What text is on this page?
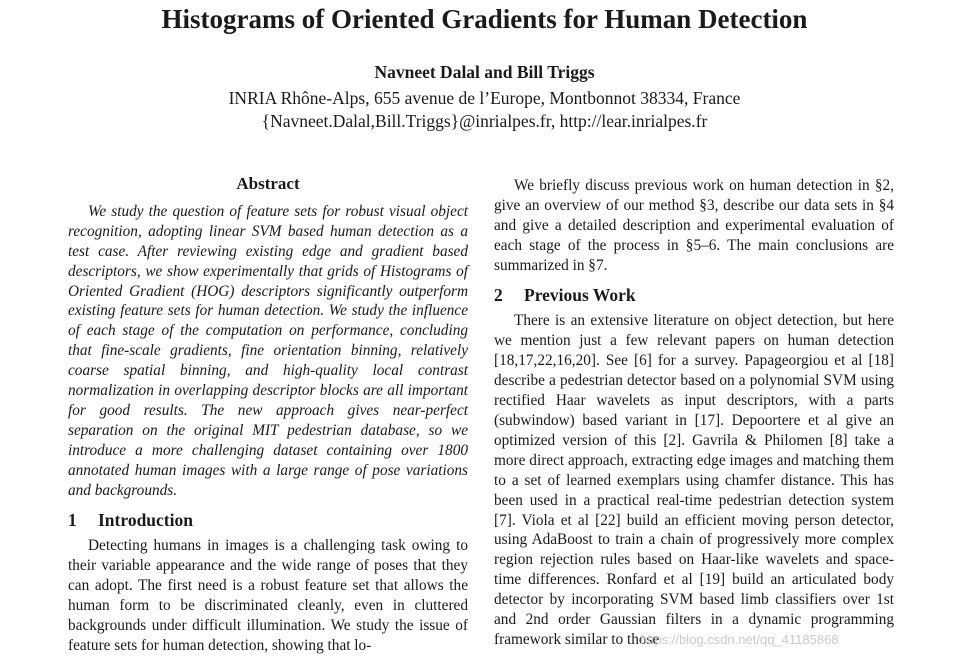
Histograms of Oriented Gradients for Human Detection
Navneet Dalal and Bill Triggs
INRIA Rhône-Alps, 655 avenue de l’Europe, Montbonnot 38334, France
{Navneet.Dalal,Bill.Triggs}@inrialpes.fr, http://lear.inrialpes.fr
Abstract

We study the question of feature sets for robust visual object recognition, adopting linear SVM based human detection as a test case. After reviewing existing edge and gradient based descriptors, we show experimentally that grids of Histograms of Oriented Gradient (HOG) descriptors significantly outperform existing feature sets for human detection. We study the influence of each stage of the computation on performance, concluding that fine-scale gradients, fine orientation binning, relatively coarse spatial binning, and high-quality local contrast normalization in overlapping descriptor blocks are all important for good results. The new approach gives near-perfect separation on the original MIT pedestrian database, so we introduce a more challenging dataset containing over 1800 annotated human images with a large range of pose variations and backgrounds.

1 Introduction

Detecting humans in images is a challenging task owing to their variable appearance and the wide range of poses that they can adopt. The first need is a robust feature set that allows the human form to be discriminated cleanly, even in cluttered backgrounds under difficult illumination. We study the issue of feature sets for human detection, showing that lo-

We briefly discuss previous work on human detection in §2, give an overview of our method §3, describe our data sets in §4 and give a detailed description and experimental evaluation of each stage of the process in §5–6. The main conclusions are summarized in §7.

2 Previous Work

There is an extensive literature on object detection, but here we mention just a few relevant papers on human detection [18,17,22,16,20]. See [6] for a survey. Papageorgiou et al [18] describe a pedestrian detector based on a polynomial SVM using rectified Haar wavelets as input descriptors, with a parts (subwindow) based variant in [17]. Depoortere et al give an optimized version of this [2]. Gavrila & Philomen [8] take a more direct approach, extracting edge images and matching them to a set of learned exemplars using chamfer distance. This has been used in a practical real-time pedestrian detection system [7]. Viola et al [22] build an efficient moving person detector, using AdaBoost to train a chain of progressively more complex region rejection rules based on Haar-like wavelets and space-time differences. Ronfard et al [19] build an articulated body detector by incorporating SVM based limb classifiers over 1st and 2nd order Gaussian filters in a dynamic programming framework similar to those

https://blog.csdn.net/qq_41185868
